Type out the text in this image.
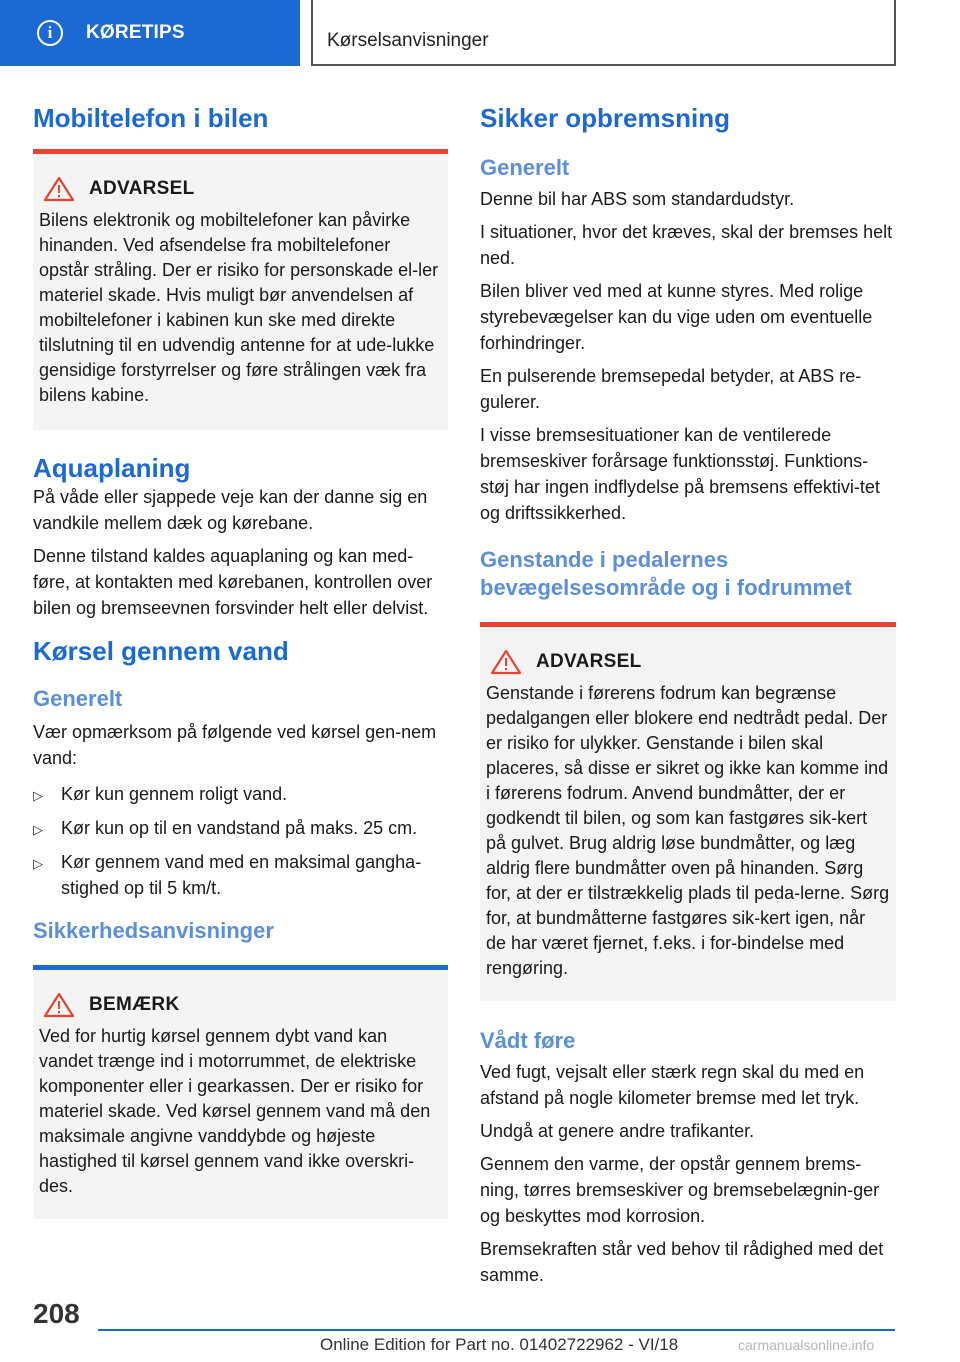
i	KØRETIPS	Kørselsanvisninger
Mobiltelefon i bilen
ADVARSEL

Bilens elektronik og mobiltelefoner kan påvirke hinanden. Ved afsendelse fra mobiltelefoner opstår stråling. Der er risiko for personskade el-ler materiel skade. Hvis muligt bør anvendelsen af mobiltelefoner i kabinen kun ske med direkte tilslutning til en udvendig antenne for at ude-lukke gensidige forstyrrelser og føre strålingen væk fra bilens kabine.

Aquaplaning

På våde eller sjappede veje kan der danne sig en vandkile mellem dæk og kørebane.

Denne tilstand kaldes aquaplaning og kan med-føre, at kontakten med kørebanen, kontrollen over bilen og bremseevnen forsvinder helt eller delvist.

Kørsel gennem vand
Generelt

Vær opmærksom på følgende ved kørsel gen-nem vand:

▷	Kør kun gennem roligt vand.
▷	Kør kun op til en vandstand på maks. 25 cm.
▷	Kør gennem vand med en maksimal gangha-stighed op til 5 km/t.
Sikkerhedsanvisninger
BEMÆRK

Ved for hurtig kørsel gennem dybt vand kan vandet trænge ind i motorrummet, de elektriske komponenter eller i gearkassen. Der er risiko for materiel skade. Ved kørsel gennem vand må den maksimale angivne vanddybde og højeste hastighed til kørsel gennem vand ikke overskri-des.

Sikker opbremsning
Generelt

Denne bil har ABS som standardudstyr.

I situationer, hvor det kræves, skal der bremses helt ned.

Bilen bliver ved med at kunne styres. Med rolige styrebevægelser kan du vige uden om eventuelle forhindringer.

En pulserende bremsepedal betyder, at ABS re-gulerer.

I visse bremsesituationer kan de ventilerede bremseskiver forårsage funktionsstøj. Funktions-støj har ingen indflydelse på bremsens effektivi-tet og driftssikkerhed.

Genstande i pedalernes bevægelsesområde og i fodrummet
ADVARSEL

Genstande i førerens fodrum kan begrænse pedalgangen eller blokere end nedtrådt pedal. Der er risiko for ulykker. Genstande i bilen skal placeres, så disse er sikret og ikke kan komme ind i førerens fodrum. Anvend bundmåtter, der er godkendt til bilen, og som kan fastgøres sik-kert på gulvet. Brug aldrig løse bundmåtter, og læg aldrig flere bundmåtter oven på hinanden. Sørg for, at der er tilstrækkelig plads til peda-lerne. Sørg for, at bundmåtterne fastgøres sik-kert igen, når de har været fjernet, f.eks. i for-bindelse med rengøring.

Vådt føre

Ved fugt, vejsalt eller stærk regn skal du med en afstand på nogle kilometer bremse med let tryk.

Undgå at genere andre trafikanter.

Gennem den varme, der opstår gennem brems-ning, tørres bremseskiver og bremsebelægnin-ger og beskyttes mod korrosion.

Bremsekraften står ved behov til rådighed med det samme.

208
Online Edition for Part no. 01402722962 - VI/18	carmanualsonline.info
